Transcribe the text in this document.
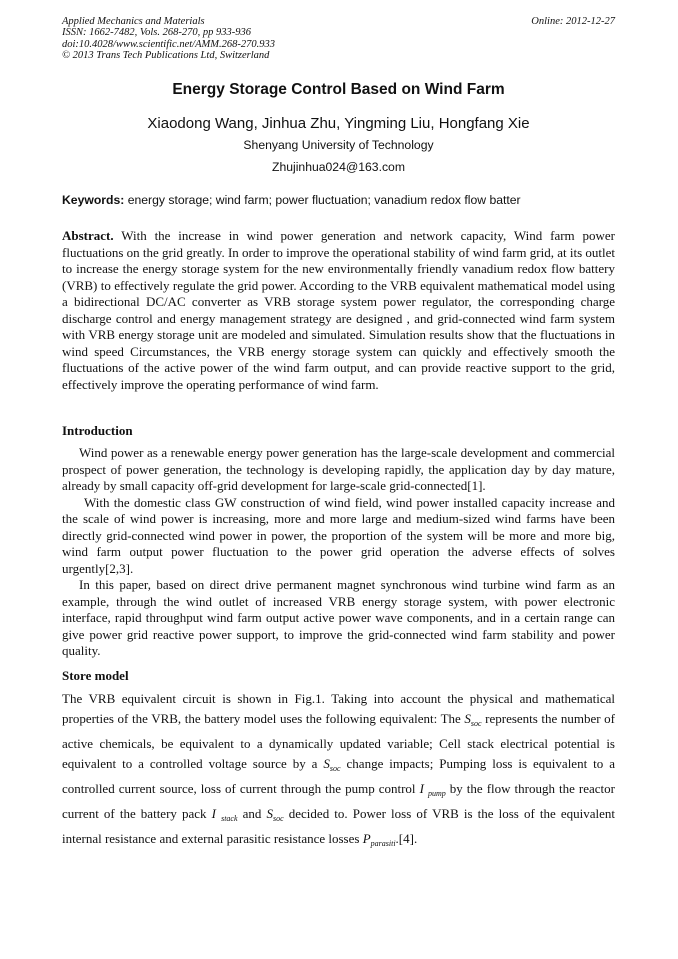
Applied Mechanics and Materials
ISSN: 1662-7482, Vols. 268-270, pp 933-936
doi:10.4028/www.scientific.net/AMM.268-270.933
© 2013 Trans Tech Publications Ltd, Switzerland
Online: 2012-12-27
Energy Storage Control Based on Wind Farm
Xiaodong Wang, Jinhua Zhu, Yingming Liu, Hongfang Xie
Shenyang University of Technology
Zhujinhua024@163.com
Keywords: energy storage; wind farm; power fluctuation; vanadium redox flow batter

Abstract. With the increase in wind power generation and network capacity, Wind farm power fluctuations on the grid greatly. In order to improve the operational stability of wind farm grid, at its outlet to increase the energy storage system for the new environmentally friendly vanadium redox flow battery (VRB) to effectively regulate the grid power. According to the VRB equivalent mathematical model using a bidirectional DC/AC converter as VRB storage system power regulator, the corresponding charge discharge control and energy management strategy are designed , and grid-connected wind farm system with VRB energy storage unit are modeled and simulated. Simulation results show that the fluctuations in wind speed Circumstances, the VRB energy storage system can quickly and effectively smooth the fluctuations of the active power of the wind farm output, and can provide reactive support to the grid, effectively improve the operating performance of wind farm.

Introduction

Wind power as a renewable energy power generation has the large-scale development and commercial prospect of power generation, the technology is developing rapidly, the application day by day mature, already by small capacity off-grid development for large-scale grid-connected[1].

With the domestic class GW construction of wind field, wind power installed capacity increase and the scale of wind power is increasing, more and more large and medium-sized wind farms have been directly grid-connected wind power in power, the proportion of the system will be more and more big, wind farm output power fluctuation to the power grid operation the adverse effects of solves urgently[2,3].

In this paper, based on direct drive permanent magnet synchronous wind turbine wind farm as an example, through the wind outlet of increased VRB energy storage system, with power electronic interface, rapid throughput wind farm output active power wave components, and in a certain range can give power grid reactive power support, to improve the grid-connected wind farm stability and power quality.

Store model

The VRB equivalent circuit is shown in Fig.1. Taking into account the physical and mathematical properties of the VRB, the battery model uses the following equivalent: The $S_{soc}$ represents the number of active chemicals, be equivalent to a dynamically updated variable; Cell stack electrical potential is equivalent to a controlled voltage source by a $S_{soc}$ change impacts; Pumping loss is equivalent to a controlled current source, loss of current through the pump control I $_{pump}$ by the flow through the reactor current of the battery pack I $_{stack}$ and $S_{soc}$ decided to. Power loss of VRB is the loss of the equivalent internal resistance and external parasitic resistance losses $P_{parasiti}.[4]$.
